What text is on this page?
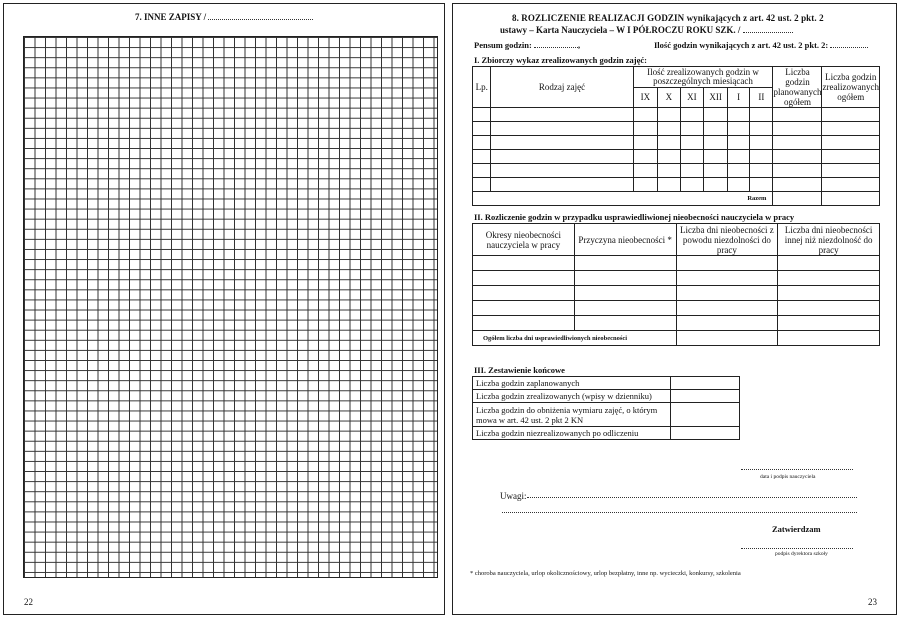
7. INNE ZAPISY /
22
8. ROZLICZENIE REALIZACJI GODZIN wynikających z art. 42 ust. 2 pkt. 2
ustawy – Karta Nauczyciela – W I PÓŁROCZU ROKU SZK. /
Pensum godzin:	,	Ilość godzin wynikających z art. 42 ust. 2 pkt. 2:
I. Zbiorczy wykaz zrealizowanych godzin zajęć:
Lp.	Rodzaj zajęć	Ilość zrealizowanych godzin w poszczególnych miesiącach						Liczba godzin planowanych ogółem	Liczba godzin zrealizowanych ogółem
		IX	X	XI	XII	I	II		

Razem									
II. Rozliczenie godzin w przypadku usprawiedliwionej nieobecności nauczyciela w pracy
Okresy nieobecności nauczyciela w pracy	Przyczyna nieobecności *	Liczba dni nieobecności z powodu niezdolności do pracy	Liczba dni nieobecności innej niż niezdolność do pracy

Ogółem liczba dni usprawiedliwionych nieobecności			
III. Zestawienie końcowe
Liczba godzin zaplanowanych	
Liczba godzin zrealizowanych (wpisy w dzienniku)	
Liczba godzin do obniżenia wymiaru zajęć, o którym mowa w art. 42 ust. 2 pkt 2 KN	
Liczba godzin niezrealizowanych po odliczeniu	
data i podpis nauczyciela
Uwagi:
Zatwierdzam
podpis dyrektora szkoły
* choroba nauczyciela, urlop okolicznościowy, urlop bezpłatny, inne np. wycieczki, konkursy, szkolenia
23
